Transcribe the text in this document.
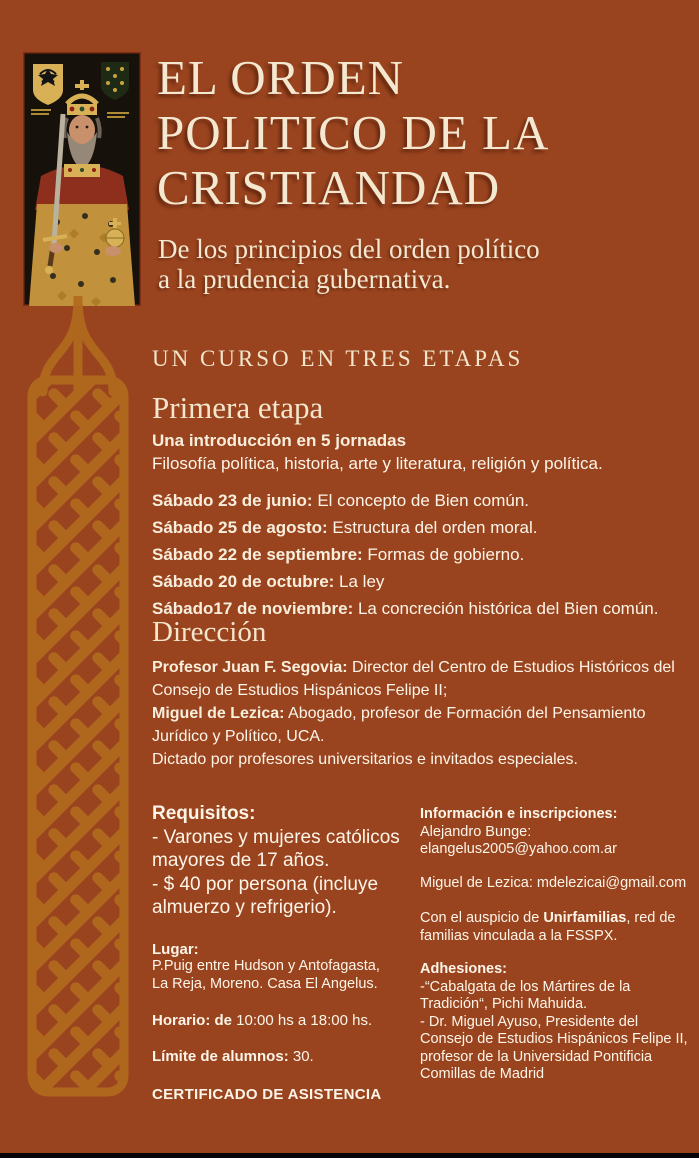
EL ORDEN
POLITICO DE LA
CRISTIANDAD
De los principios del orden político
a la prudencia gubernativa.
UN CURSO EN TRES ETAPAS
Primera etapa
Una introducción en 5 jornadas
Filosofía política, historia, arte y literatura, religión y política.
Sábado 23 de junio: El concepto de Bien común.
Sábado 25 de agosto: Estructura del orden moral.
Sábado 22 de septiembre: Formas de gobierno.
Sábado 20 de octubre: La ley
Sábado17 de noviembre: La concreción histórica del Bien común.
Dirección
Profesor Juan F. Segovia: Director del Centro de Estudios Históricos del Consejo de Estudios Hispánicos Felipe II;
Miguel de Lezica: Abogado, profesor de Formación del Pensamiento Jurídico y Político, UCA.
Dictado por profesores universitarios e invitados especiales.
Requisitos:
- Varones y mujeres católicos mayores de 17 años.
- $ 40 por persona (incluye almuerzo y refrigerio).
Lugar:
P.Puig entre Hudson y Antofagasta,
La Reja, Moreno. Casa El Angelus.
Horario: de 10:00 hs a 18:00 hs.
Límite de alumnos: 30.
CERTIFICADO DE ASISTENCIA
Información e inscripciones:
Alejandro Bunge:
elangelus2005@yahoo.com.ar
Miguel de Lezica: mdelezicai@gmail.com
Con el auspicio de Unirfamilias, red de familias vinculada a la FSSPX.
Adhesiones:
-“Cabalgata de los Mártires de la Tradición“, Pichi Mahuida.
- Dr. Miguel Ayuso, Presidente del Consejo de Estudios Hispánicos Felipe II, profesor de la Universidad Pontificia Comillas de Madrid
